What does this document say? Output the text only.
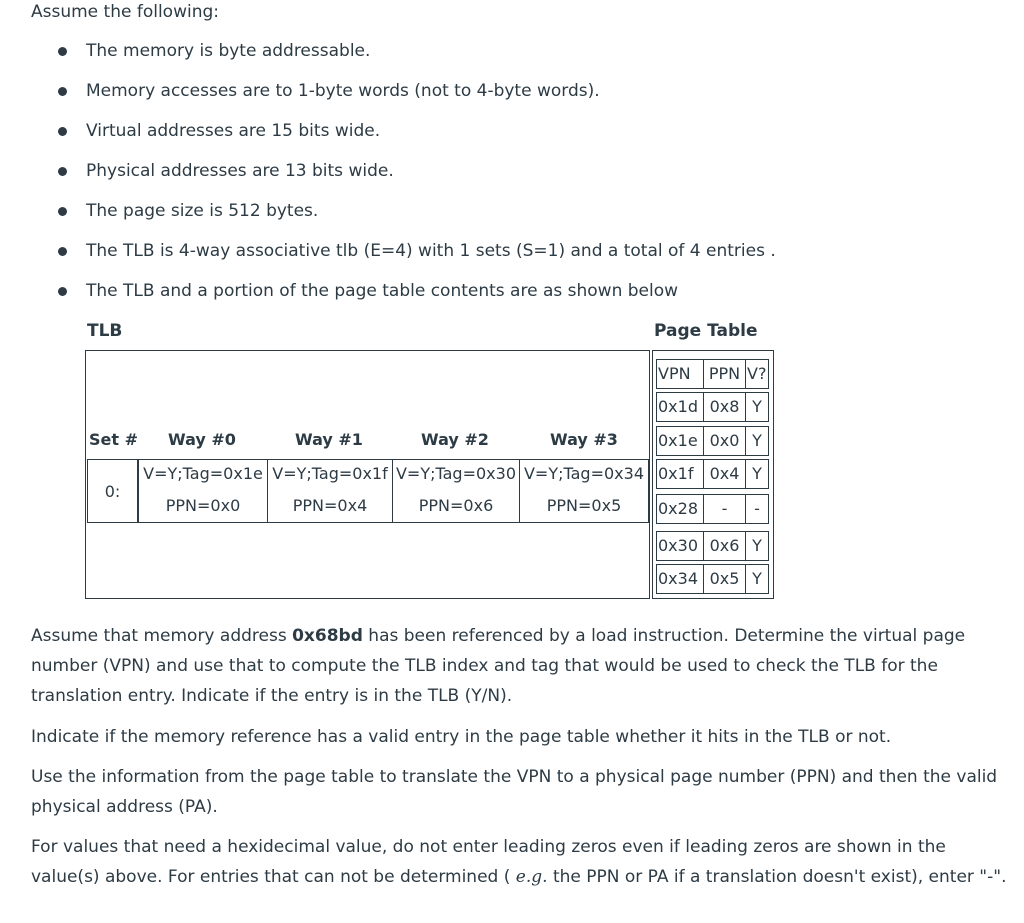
Assume the following:
The memory is byte addressable.
Memory accesses are to 1-byte words (not to 4-byte words).
Virtual addresses are 15 bits wide.
Physical addresses are 13 bits wide.
The page size is 512 bytes.
The TLB is 4-way associative tlb (E=4) with 1 sets (S=1) and a total of 4 entries .
The TLB and a portion of the page table contents are as shown below
TLB	Page Table
Set # Way #0	Way #1	Way #2	Way #3
0:
V=Y;Tag=0x1e
PPN=0x0
V=Y;Tag=0x1f
PPN=0x4
V=Y;Tag=0x30
PPN=0x6
V=Y;Tag=0x34
PPN=0x5
VPN	PPN V?
0x1d 0x8 Y
0x1e 0x0 Y
0x1f	0x4 Y
0x28	-	-
0x30 0x6 Y
0x34 0x5 Y
Assume that memory address 0x68bd has been referenced by a load instruction. Determine the virtual page number (VPN) and use that to compute the TLB index and tag that would be used to check the TLB for the translation entry. Indicate if the entry is in the TLB (Y/N).
Indicate if the memory reference has a valid entry in the page table whether it hits in the TLB or not.
Use the information from the page table to translate the VPN to a physical page number (PPN) and then the valid physical address (PA).
For values that need a hexidecimal value, do not enter leading zeros even if leading zeros are shown in the value(s) above. For entries that can not be determined ( e.g. the PPN or PA if a translation doesn't exist), enter "-".
